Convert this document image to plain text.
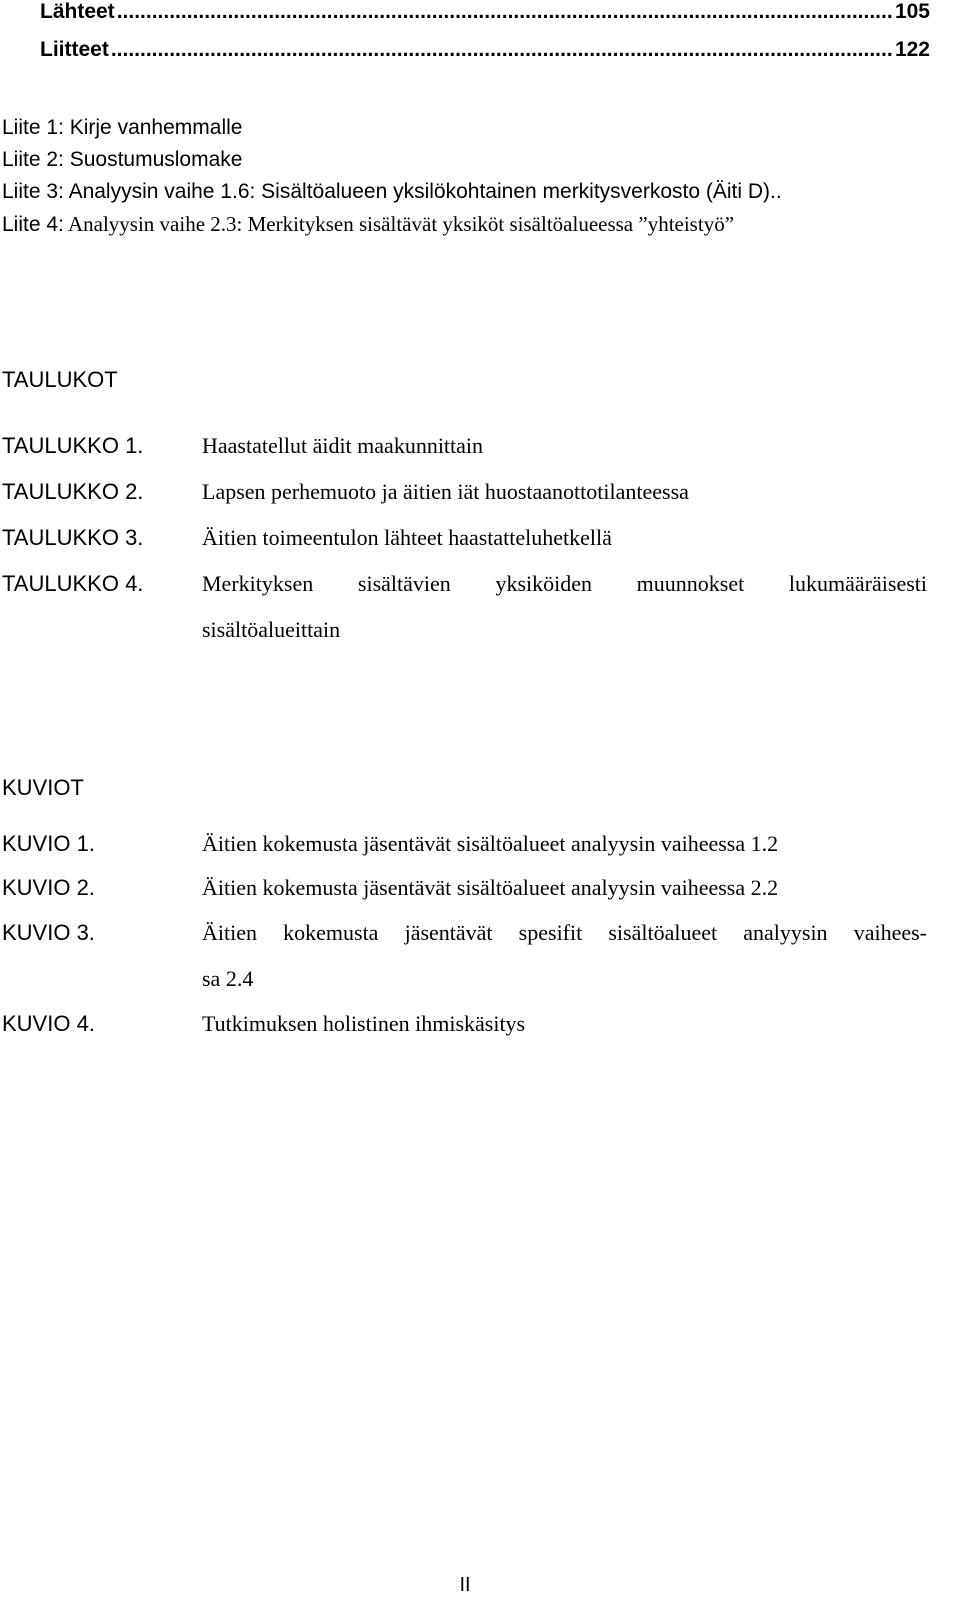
Lähteet .....	105
Liitteet .....	122
Liite 1: Kirje vanhemmalle
Liite 2: Suostumuslomake
Liite 3: Analyysin vaihe 1.6: Sisältöalueen yksilökohtainen merkitysverkosto (Äiti D)..
Liite 4: Analyysin vaihe 2.3: Merkityksen sisältävät yksiköt sisältöalueessa ”yhteistyö”
TAULUKOT
TAULUKKO 1.	Haastatellut äidit maakunnittain
TAULUKKO 2.	Lapsen perhemuoto ja äitien iät huostaanottotilanteessa
TAULUKKO 3.	Äitien toimeentulon lähteet haastatteluhetkellä
TAULUKKO 4.	Merkityksen sisältävien yksiköiden muunnokset lukumääräisesti
sisältöalueittain
KUVIOT
KUVIO 1.	Äitien kokemusta jäsentävät sisältöalueet analyysin vaiheessa 1.2
KUVIO 2.	Äitien kokemusta jäsentävät sisältöalueet analyysin vaiheessa 2.2
KUVIO 3.	Äitien kokemusta jäsentävät spesifit sisältöalueet analyysin vaihees-
sa 2.4
KUVIO 4.	Tutkimuksen holistinen ihmiskäsitys
II
